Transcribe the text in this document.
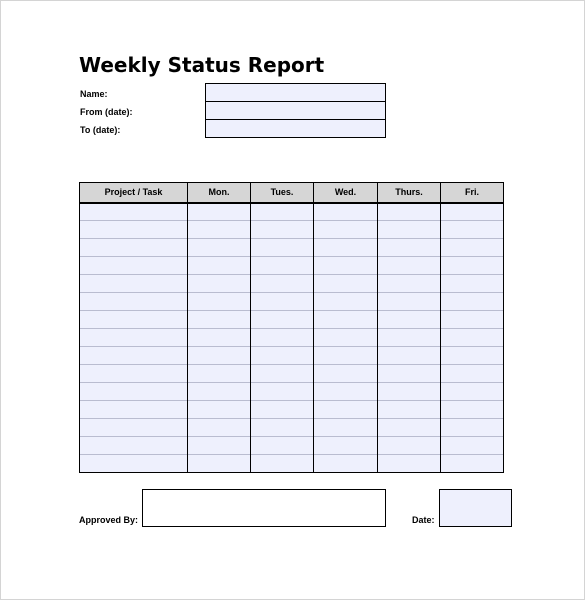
Weekly Status Report
Name:
From (date):
To (date):
Project / Task	Mon.	Tues.	Wed.	Thurs.	Fri.

Approved By:	Date:
